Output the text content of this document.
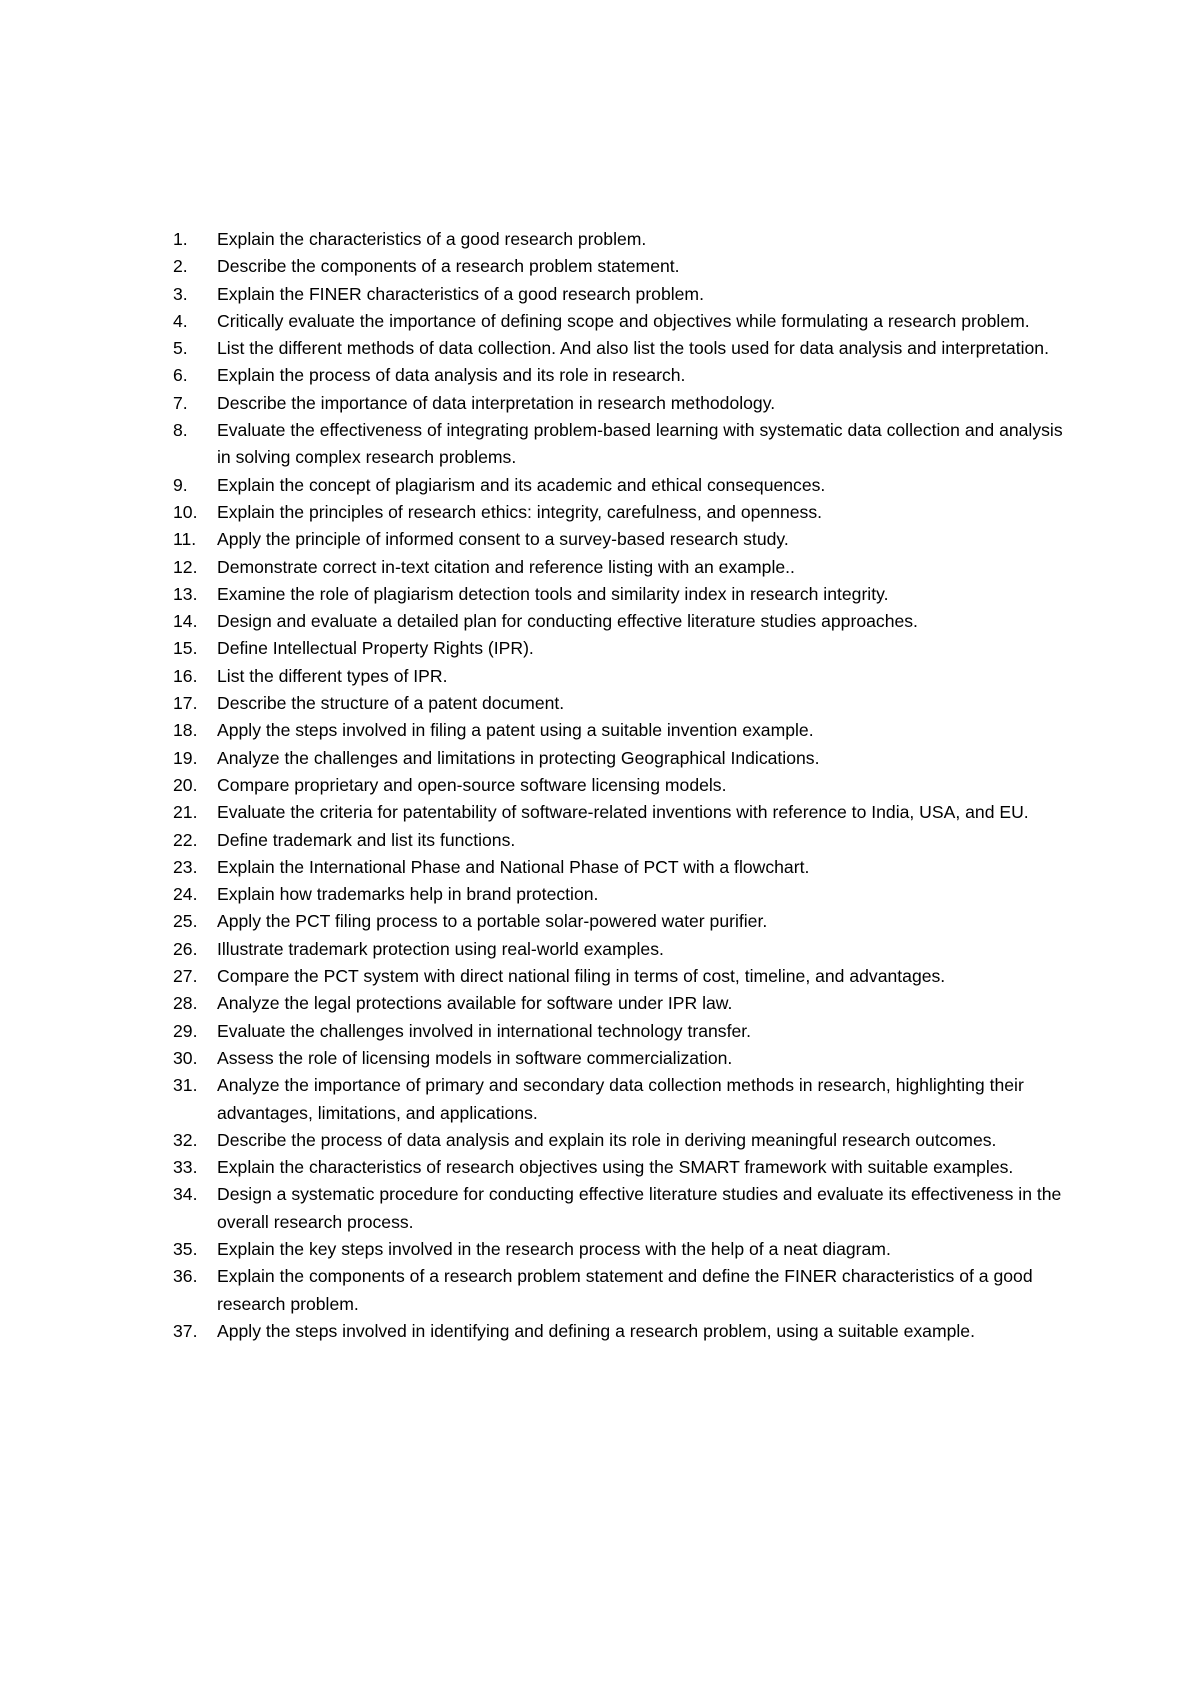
1.	Explain the characteristics of a good research problem.
2.	Describe the components of a research problem statement.
3.	Explain the FINER characteristics of a good research problem.
4.	Critically evaluate the importance of defining scope and objectives while formulating a research problem.
5.	List the different methods of data collection. And also list the tools used for data analysis and interpretation.
6.	Explain the process of data analysis and its role in research.
7.	Describe the importance of data interpretation in research methodology.
8.	Evaluate the effectiveness of integrating problem-based learning with systematic data collection and analysis in solving complex research problems.
9.	Explain the concept of plagiarism and its academic and ethical consequences.
10.	Explain the principles of research ethics: integrity, carefulness, and openness.
11.	Apply the principle of informed consent to a survey-based research study.
12.	Demonstrate correct in-text citation and reference listing with an example..
13.	Examine the role of plagiarism detection tools and similarity index in research integrity.
14.	Design and evaluate a detailed plan for conducting effective literature studies approaches.
15.	Define Intellectual Property Rights (IPR).
16.	List the different types of IPR.
17.	Describe the structure of a patent document.
18.	Apply the steps involved in filing a patent using a suitable invention example.
19.	Analyze the challenges and limitations in protecting Geographical Indications.
20.	Compare proprietary and open-source software licensing models.
21.	Evaluate the criteria for patentability of software-related inventions with reference to India, USA, and EU.
22.	Define trademark and list its functions.
23.	Explain the International Phase and National Phase of PCT with a flowchart.
24.	Explain how trademarks help in brand protection.
25.	Apply the PCT filing process to a portable solar-powered water purifier.
26.	Illustrate trademark protection using real-world examples.
27.	Compare the PCT system with direct national filing in terms of cost, timeline, and advantages.
28.	Analyze the legal protections available for software under IPR law.
29.	Evaluate the challenges involved in international technology transfer.
30.	Assess the role of licensing models in software commercialization.
31.	Analyze the importance of primary and secondary data collection methods in research, highlighting their advantages, limitations, and applications.
32.	Describe the process of data analysis and explain its role in deriving meaningful research outcomes.
33.	Explain the characteristics of research objectives using the SMART framework with suitable examples.
34.	Design a systematic procedure for conducting effective literature studies and evaluate its effectiveness in the overall research process.
35.	Explain the key steps involved in the research process with the help of a neat diagram.
36.	Explain the components of a research problem statement and define the FINER characteristics of a good research problem.
37.	Apply the steps involved in identifying and defining a research problem, using a suitable example.
